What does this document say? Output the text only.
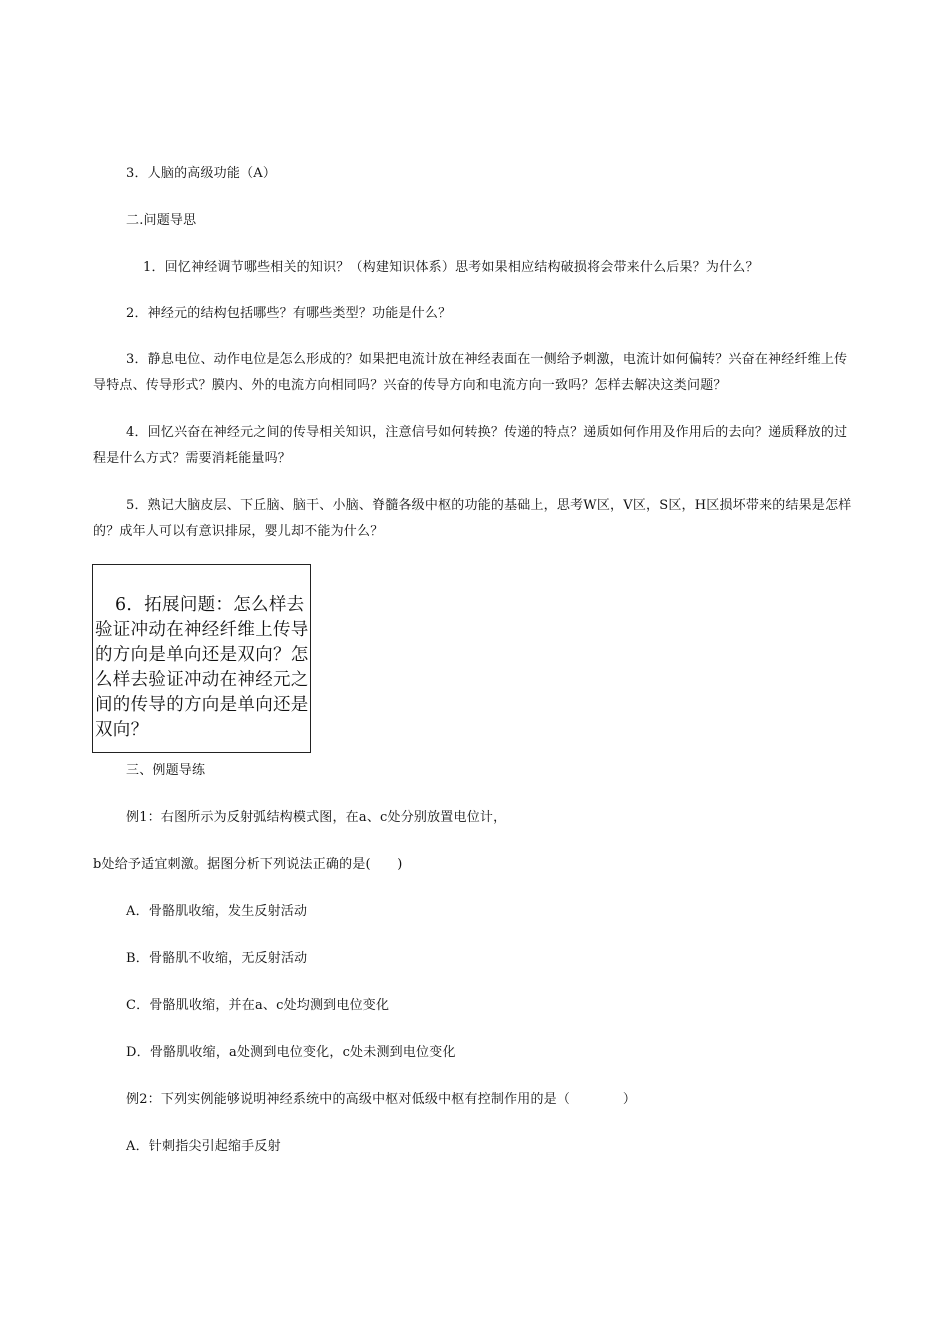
3．人脑的高级功能（A）
二.问题导思
1．回忆神经调节哪些相关的知识？（构建知识体系）思考如果相应结构破损将会带来什么后果？为什么？
2．神经元的结构包括哪些？有哪些类型？功能是什么？
3．静息电位、动作电位是怎么形成的？如果把电流计放在神经表面在一侧给予刺激，电流计如何偏转？兴奋在神经纤维上传导特点、传导形式？膜内、外的电流方向相同吗？兴奋的传导方向和电流方向一致吗？怎样去解决这类问题？
4．回忆兴奋在神经元之间的传导相关知识，注意信号如何转换？传递的特点？递质如何作用及作用后的去向？递质释放的过程是什么方式？需要消耗能量吗？
5．熟记大脑皮层、下丘脑、脑干、小脑、脊髓各级中枢的功能的基础上，思考W区，V区，S区，H区损坏带来的结果是怎样的？成年人可以有意识排尿，婴儿却不能为什么？
6．拓展问题：怎么样去验证冲动在神经纤维上传导的方向是单向还是双向？怎么样去验证冲动在神经元之间的传导的方向是单向还是双向？
三、例题导练
例1：右图所示为反射弧结构模式图，在a、c处分别放置电位计，
b处给予适宜刺激。据图分析下列说法正确的是(　　)
A．骨骼肌收缩，发生反射活动
B．骨骼肌不收缩，无反射活动
C．骨骼肌收缩，并在a、c处均测到电位变化
D．骨骼肌收缩，a处测到电位变化，c处未测到电位变化
例2：下列实例能够说明神经系统中的高级中枢对低级中枢有控制作用的是（　　　　）
A．针刺指尖引起缩手反射
